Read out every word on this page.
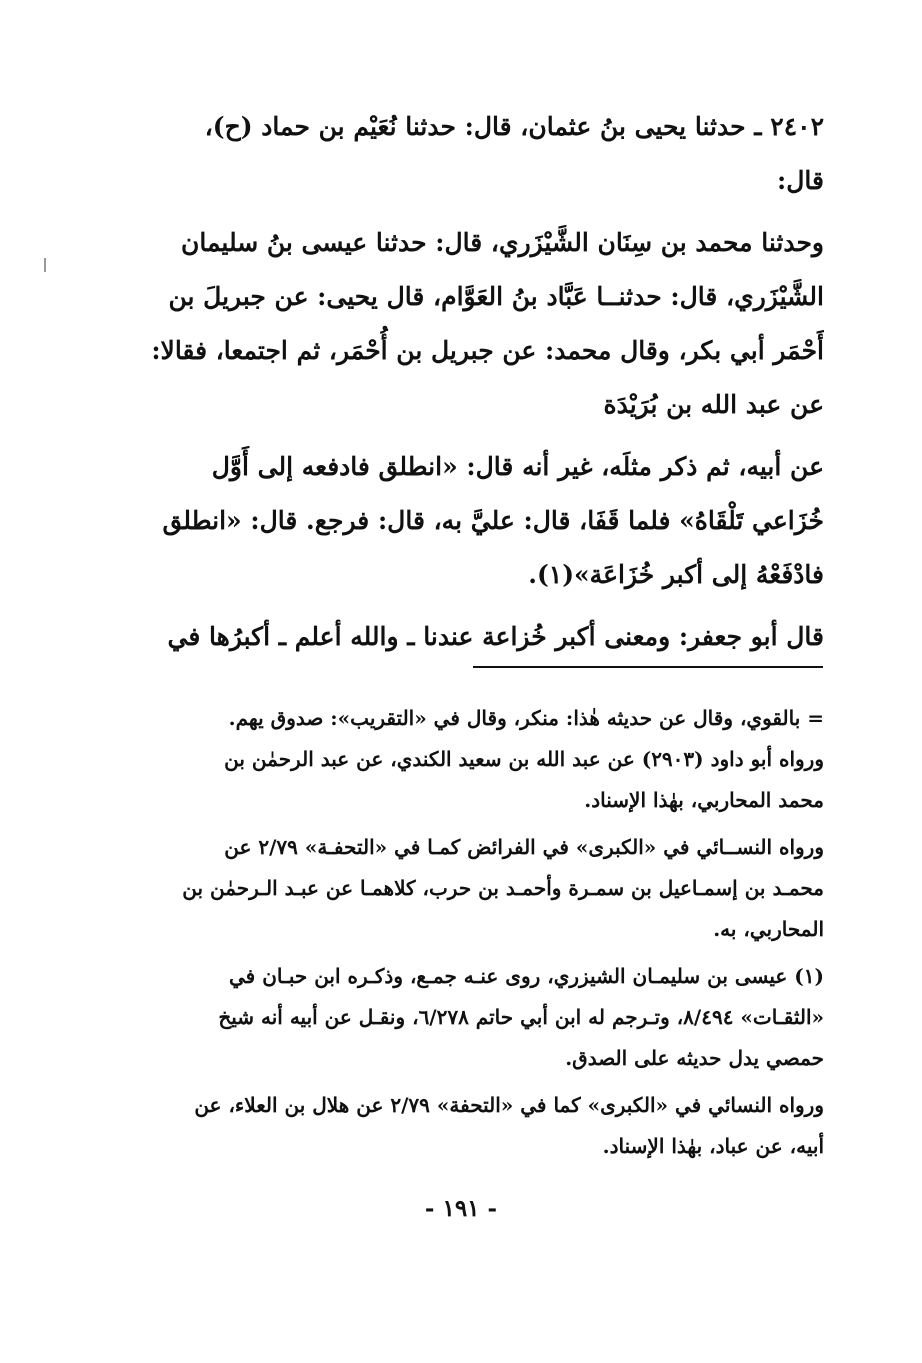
٢٤٠٢ ـ حدثنا يحيى بنُ عثمان، قال: حدثنا نُعَيْم بن حماد (ح)،
قال:
وحدثنا محمد بن سِنَان الشَّيْزَري، قال: حدثنا عيسى بنُ سليمان
الشَّيْزَري، قال: حدثنــا عَبَّاد بنُ العَوَّام، قال يحيى: عن جبريلَ بن
أَحْمَر أبي بكر، وقال محمد: عن جبريل بن أُحْمَر، ثم اجتمعا، فقالا:
عن عبد الله بن بُرَيْدَة
عن أبيه، ثم ذكر مثلَه، غير أنه قال: «انطلق فادفعه إلى أَوَّل
خُزَاعي تَلْقَاهُ» فلما قَفَا، قال: عليَّ به، قال: فرجع. قال: «انطلق
فادْفَعْهُ إلى أكبر خُزَاعَة»(١).
قال أبو جعفر: ومعنى أكبر خُزاعة عندنا ـ والله أعلم ـ أكبرُها في
= بالقوي، وقال عن حديثه هٰذا: منكر، وقال في «التقريب»: صدوق يهم.
ورواه أبو داود (٢٩٠٣) عن عبد الله بن سعيد الكندي، عن عبد الرحمٰن بن
محمد المحاربي، بهٰذا الإسناد.
ورواه النســائي في «الكبرى» في الفرائض كمـا في «التحفـة» ٢/٧٩ عن
محمـد بن إسمـاعيل بن سمـرة وأحمـد بن حرب، كلاهمـا عن عبـد الـرحمٰن بن
المحاربي، به.
(١) عيسى بن سليمـان الشيزري، روى عنـه جمـع، وذكـره ابن حبـان في
«الثقـات» ٨/٤٩٤، وتـرجم له ابن أبي حاتم ٦/٢٧٨، ونقـل عن أبيه أنه شيخ
حمصي يدل حديثه على الصدق.
ورواه النسائي في «الكبرى» كما في «التحفة» ٢/٧٩ عن هلال بن العلاء، عن
أبيه، عن عباد، بهٰذا الإسناد.
- ١٩١ -
